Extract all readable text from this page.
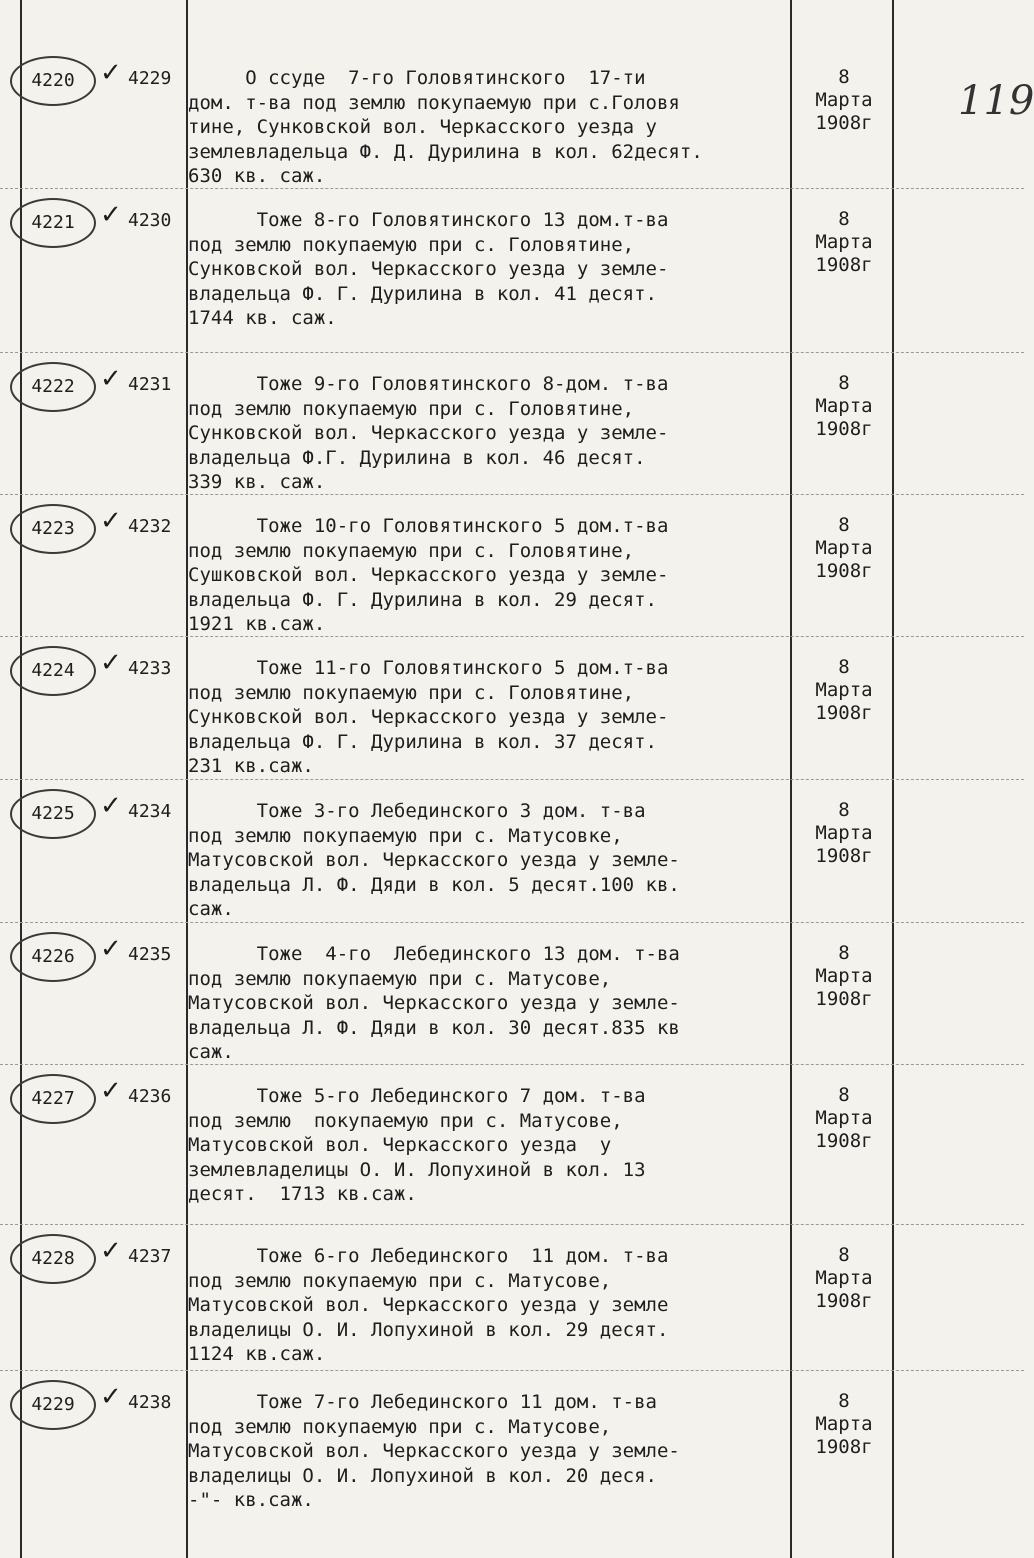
119
4220 ✓ 4229 О ссуде  7-го Головятинского  17-ти
дом. т-ва под землю покупаемую при с.Головя
тине, Сунковской вол. Черкасского уезда у
землевладельца Ф. Д. Дурилина в кол. 62десят.
630 кв. саж.
8
Марта
1908г
4221 ✓ 4230 Тоже 8-го Головятинского 13 дом.т-ва
под землю покупаемую при с. Головятине,
Сунковской вол. Черкасского уезда у земле-
владельца Ф. Г. Дурилина в кол. 41 десят.
1744 кв. саж.
8
Марта
1908г
4222 ✓ 4231 Тоже 9-го Головятинского 8-дом. т-ва
под землю покупаемую при с. Головятине,
Сунковской вол. Черкасского уезда у земле-
владельца Ф.Г. Дурилина в кол. 46 десят.
339 кв. саж.
8
Марта
1908г
4223 ✓ 4232 Тоже 10-го Головятинского 5 дом.т-ва
под землю покупаемую при с. Головятине,
Сушковской вол. Черкасского уезда у земле-
владельца Ф. Г. Дурилина в кол. 29 десят.
1921 кв.саж.
8
Марта
1908г
4224 ✓ 4233 Тоже 11-го Головятинского 5 дом.т-ва
под землю покупаемую при с. Головятине,
Сунковской вол. Черкасского уезда у земле-
владельца Ф. Г. Дурилина в кол. 37 десят.
231 кв.саж.
8
Марта
1908г
4225 ✓ 4234 Тоже 3-го Лебединского 3 дом. т-ва
под землю покупаемую при с. Матусовке,
Матусовской вол. Черкасского уезда у земле-
владельца Л. Ф. Дяди в кол. 5 десят.100 кв.
саж.
8
Марта
1908г
4226 ✓ 4235 Тоже  4-го  Лебединского 13 дом. т-ва
под землю покупаемую при с. Матусове,
Матусовской вол. Черкасского уезда у земле-
владельца Л. Ф. Дяди в кол. 30 десят.835 кв
саж.
8
Марта
1908г
4227 ✓ 4236 Тоже 5-го Лебединского 7 дом. т-ва
под землю  покупаемую при с. Матусове,
Матусовской вол. Черкасского уезда  у
землевладелицы О. И. Лопухиной в кол. 13
десят.  1713 кв.саж.
8
Марта
1908г
4228 ✓ 4237 Тоже 6-го Лебединского  11 дом. т-ва
под землю покупаемую при с. Матусове,
Матусовской вол. Черкасского уезда у земле
владелицы О. И. Лопухиной в кол. 29 десят.
1124 кв.саж.
8
Марта
1908г
4229 ✓ 4238 Тоже 7-го Лебединского 11 дом. т-ва
под землю покупаемую при с. Матусове,
Матусовской вол. Черкасского уезда у земле-
владелицы О. И. Лопухиной в кол. 20 деся.
-"- кв.саж.
8
Марта
1908г
